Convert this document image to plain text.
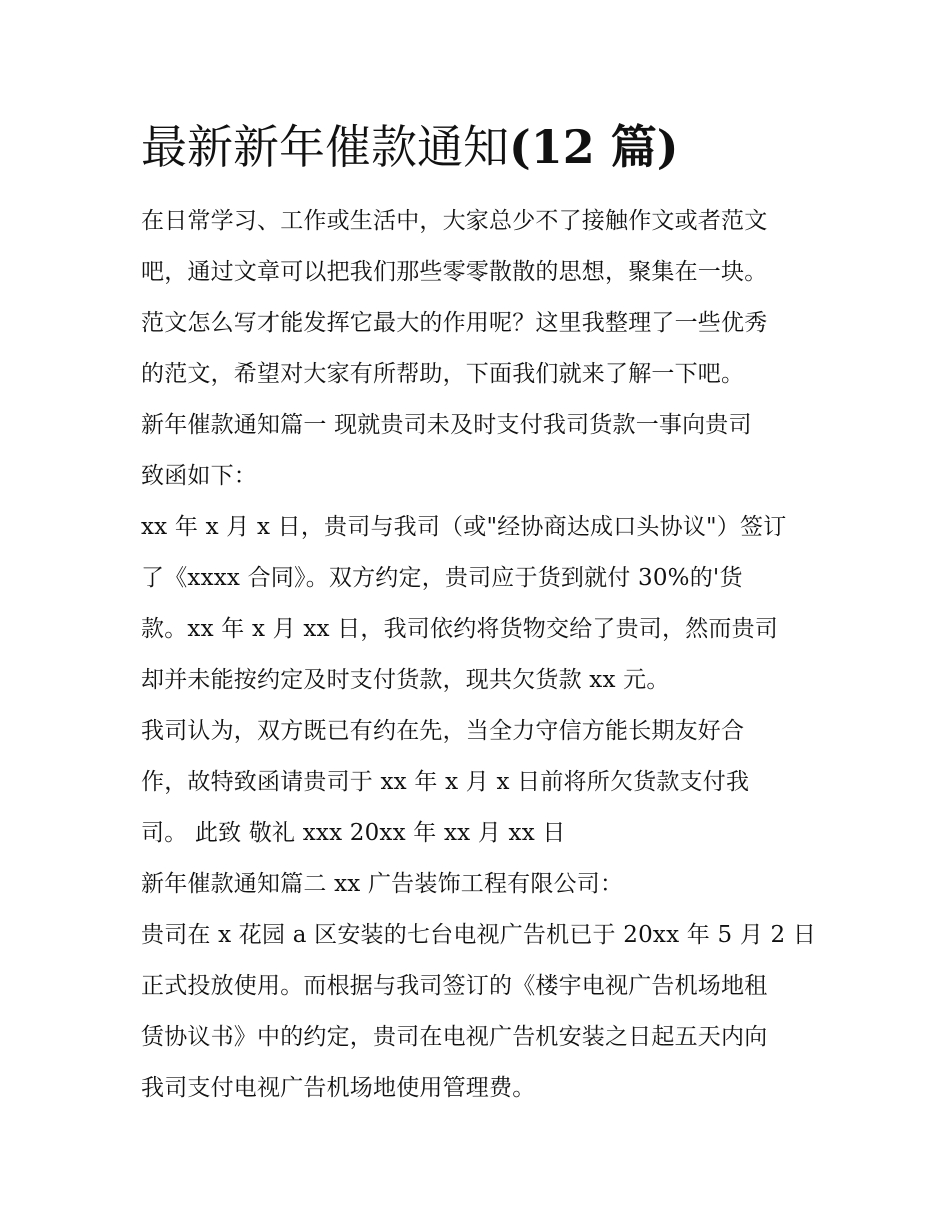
最新新年催款通知(12 篇)

在日常学习、工作或生活中，大家总少不了接触作文或者范文
吧，通过文章可以把我们那些零零散散的思想，聚集在一块。
范文怎么写才能发挥它最大的作用呢？这里我整理了一些优秀
的范文，希望对大家有所帮助，下面我们就来了解一下吧。

新年催款通知篇一 现就贵司未及时支付我司货款一事向贵司
致函如下：

xx 年 x 月 x 日，贵司与我司（或"经协商达成口头协议"）签订
了《xxxx 合同》。双方约定，贵司应于货到就付 30%的'货
款。xx 年 x 月 xx 日，我司依约将货物交给了贵司，然而贵司
却并未能按约定及时支付货款，现共欠货款 xx 元。

我司认为，双方既已有约在先，当全力守信方能长期友好合
作，故特致函请贵司于 xx 年 x 月 x 日前将所欠货款支付我
司。 此致 敬礼 xxx 20xx 年 xx 月 xx 日

新年催款通知篇二 xx 广告装饰工程有限公司：

贵司在 x 花园 a 区安装的七台电视广告机已于 20xx 年 5 月 2 日
正式投放使用。而根据与我司签订的《楼宇电视广告机场地租
赁协议书》中的约定，贵司在电视广告机安装之日起五天内向
我司支付电视广告机场地使用管理费。
